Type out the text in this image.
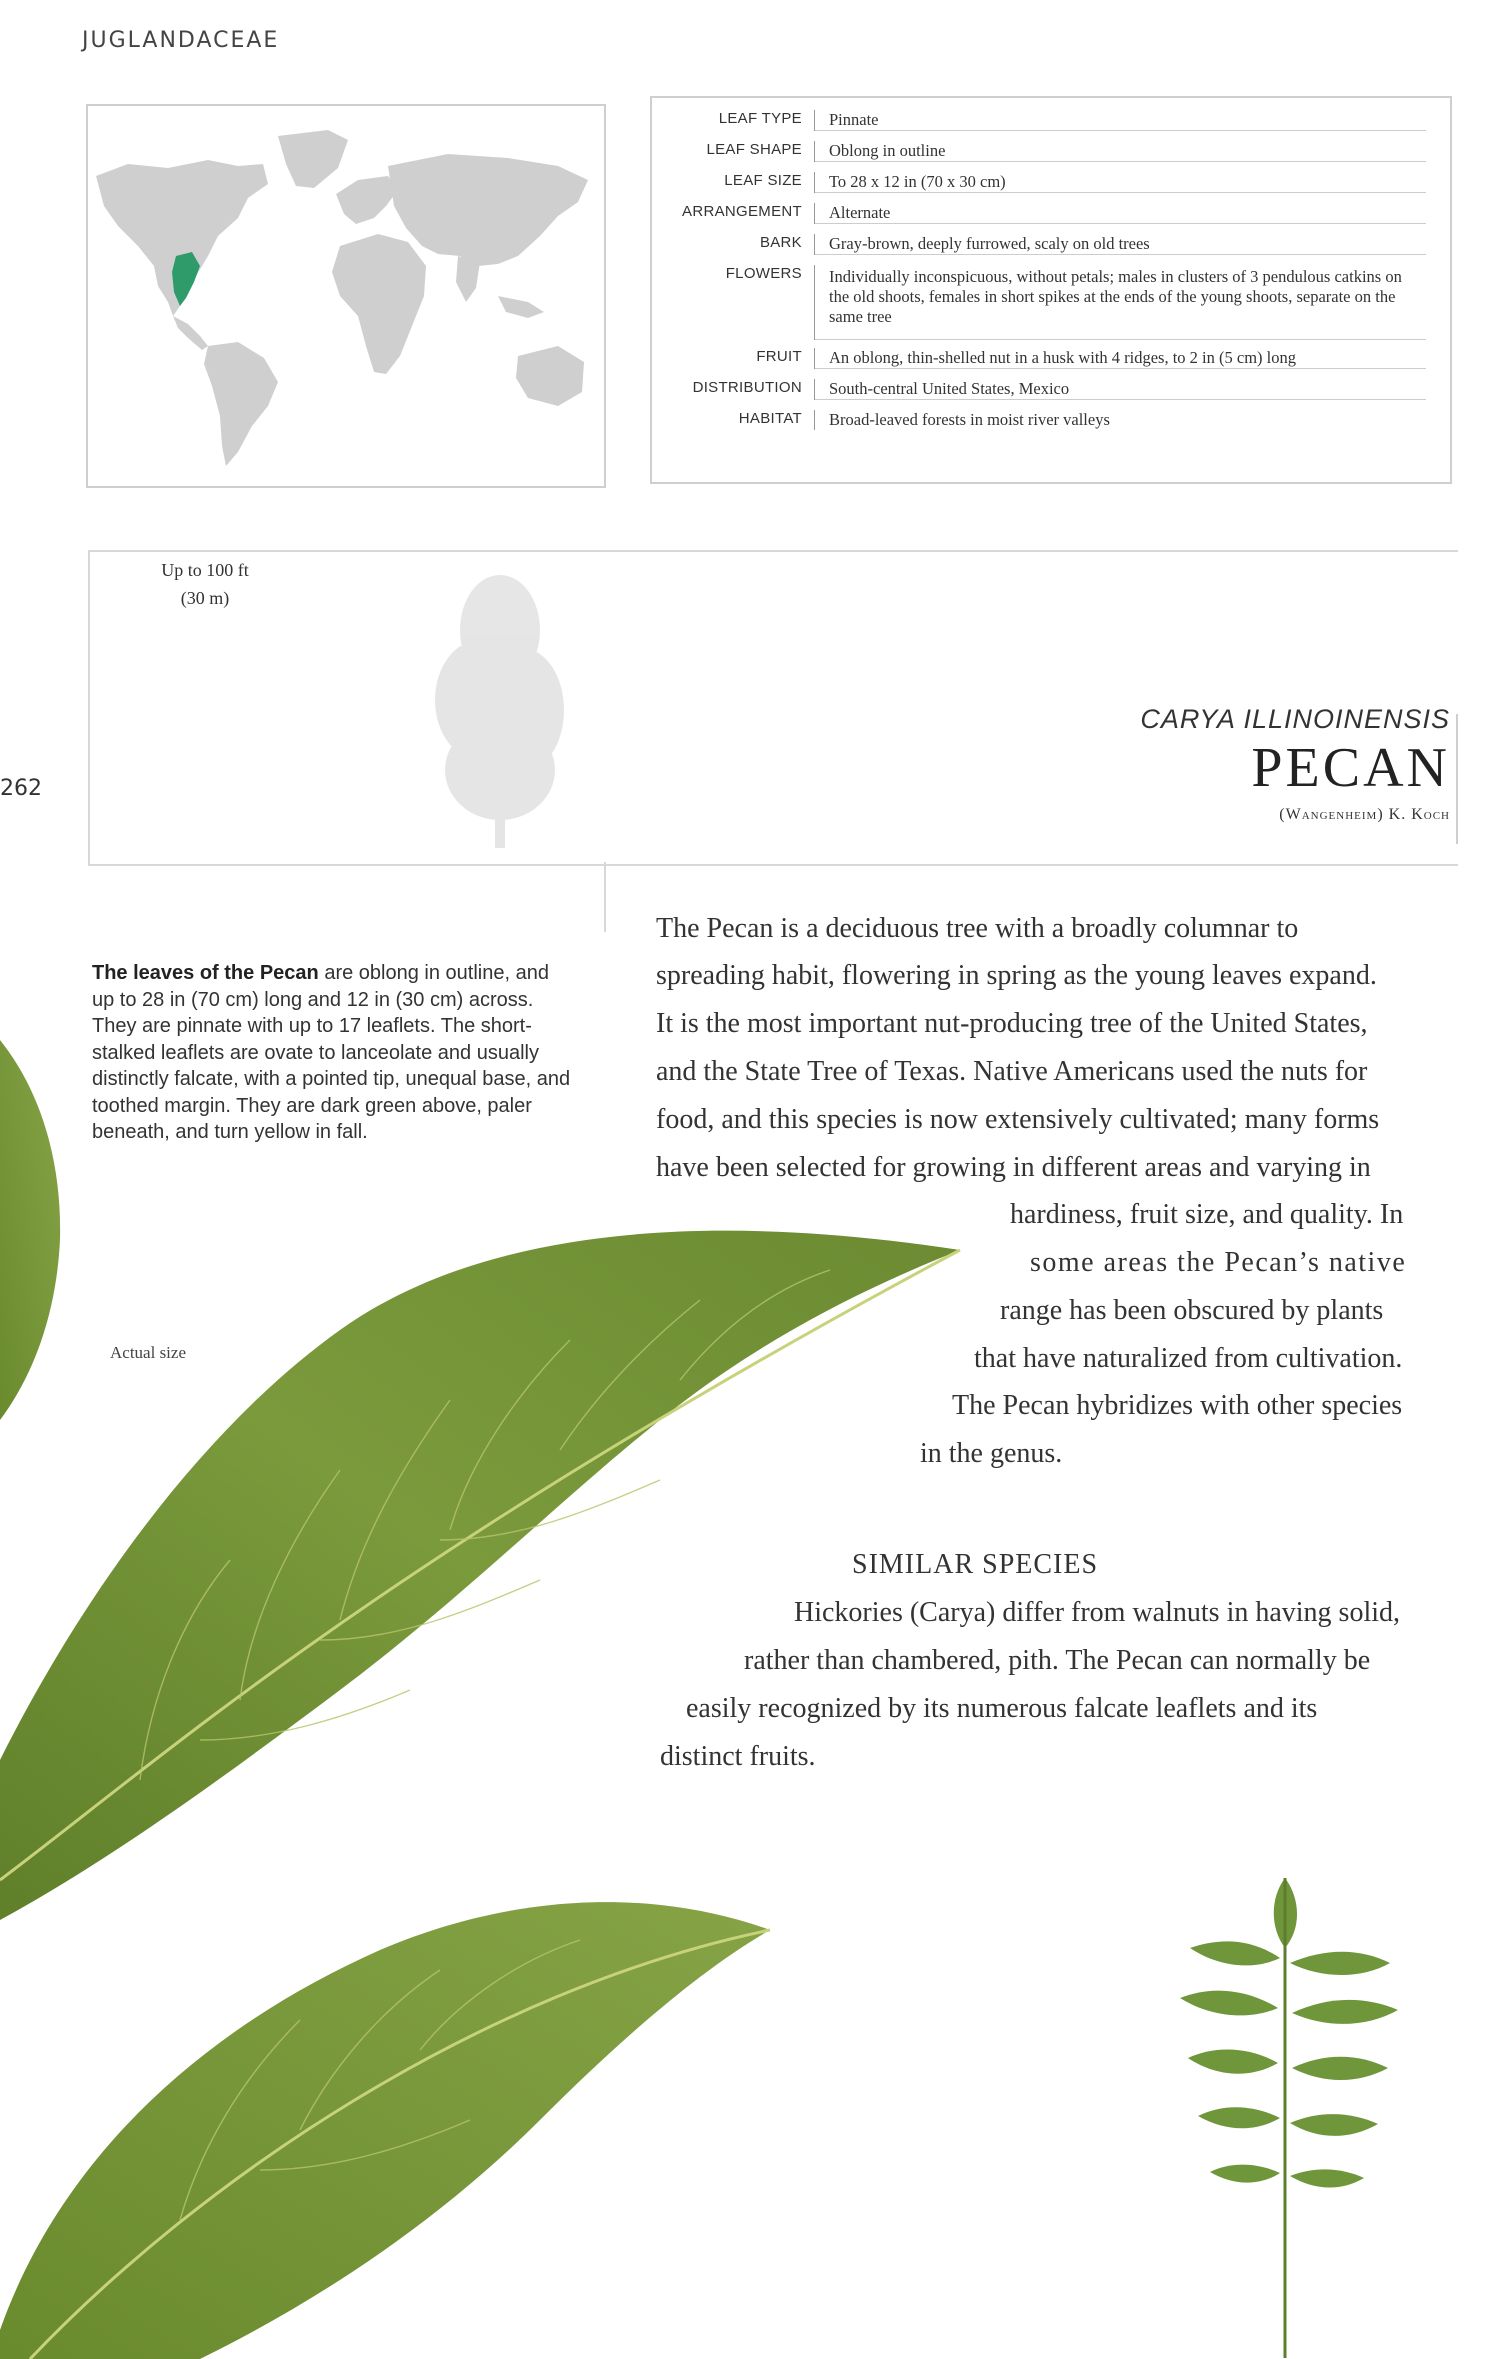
JUGLANDACEAE
LEAF TYPE	Pinnate
LEAF SHAPE	Oblong in outline
LEAF SIZE	To 28 x 12 in (70 x 30 cm)
ARRANGEMENT	Alternate
BARK	Gray-brown, deeply furrowed, scaly on old trees
FLOWERS	Individually inconspicuous, without petals; males in clusters of 3 pendulous catkins on the old shoots, females in short spikes at the ends of the young shoots, separate on the same tree
FRUIT	An oblong, thin-shelled nut in a husk with 4 ridges, to 2 in (5 cm) long
DISTRIBUTION	South-central United States, Mexico
HABITAT	Broad-leaved forests in moist river valleys
Up to 100 ft
(30 m)
262
CARYA ILLINOINENSIS
PECAN
(Wangenheim) K. Koch
The leaves of the Pecan are oblong in outline, and up to 28 in (70 cm) long and 12 in (30 cm) across. They are pinnate with up to 17 leaflets. The short-stalked leaflets are ovate to lanceolate and usually distinctly falcate, with a pointed tip, unequal base, and toothed margin. They are dark green above, paler beneath, and turn yellow in fall.
Actual size
The Pecan is a deciduous tree with a broadly columnar to
spreading habit, flowering in spring as the young leaves expand.
It is the most important nut-producing tree of the United States,
and the State Tree of Texas. Native Americans used the nuts for
food, and this species is now extensively cultivated; many forms
have been selected for growing in different areas and varying in
hardiness, fruit size, and quality. In
some areas the Pecan’s native
range has been obscured by plants
that have naturalized from cultivation.
The Pecan hybridizes with other species
in the genus.
SIMILAR SPECIES
Hickories (Carya) differ from walnuts in having solid,
rather than chambered, pith. The Pecan can normally be
easily recognized by its numerous falcate leaflets and its
distinct fruits.
